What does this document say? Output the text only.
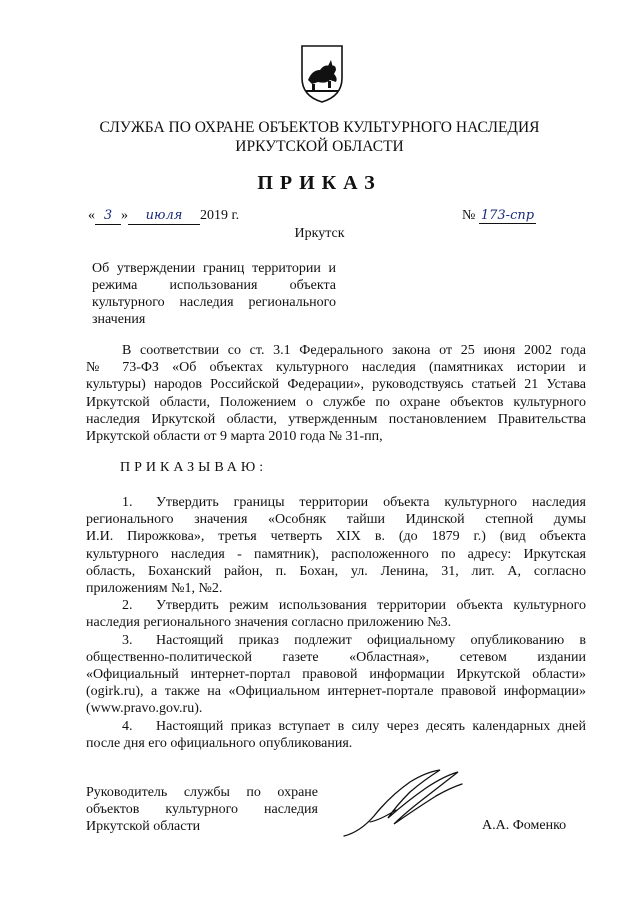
СЛУЖБА ПО ОХРАНЕ ОБЪЕКТОВ КУЛЬТУРНОГО НАСЛЕДИЯ
ИРКУТСКОЙ ОБЛАСТИ
ПРИКАЗ
« 3 » июля 2019 г.	№ 173-спр
Иркутск
Об утверждении границ территории и
режима использования объекта
культурного наследия регионального
значения
В соответствии со ст. 3.1 Федерального закона от 25 июня 2002 года
№ 73-ФЗ «Об объектах культурного наследия (памятниках истории и
культуры) народов Российской Федерации», руководствуясь статьей 21 Устава
Иркутской области, Положением о службе по охране объектов культурного
наследия Иркутской области, утвержденным постановлением Правительства
Иркутской области от 9 марта 2010 года № 31-пп,
ПРИКАЗЫВАЮ:
1. Утвердить границы территории объекта культурного наследия
регионального значения «Особняк тайши Идинской степной думы
И.И. Пирожкова», третья четверть XIX в. (до 1879 г.) (вид объекта
культурного наследия - памятник), расположенного по адресу: Иркутская
область, Боханский район, п. Бохан, ул. Ленина, 31, лит. А, согласно
приложениям №1, №2.
2. Утвердить режим использования территории объекта культурного
наследия регионального значения согласно приложению №3.
3. Настоящий приказ подлежит официальному опубликованию в
общественно-политической газете «Областная», сетевом издании
«Официальный интернет-портал правовой информации Иркутской области»
(ogirk.ru), а также на «Официальном интернет-портале правовой информации»
(www.pravo.gov.ru).
4. Настоящий приказ вступает в силу через десять календарных дней
после дня его официального опубликования.
Руководитель службы по охране
объектов культурного наследия
Иркутской области	А.А. Фоменко
